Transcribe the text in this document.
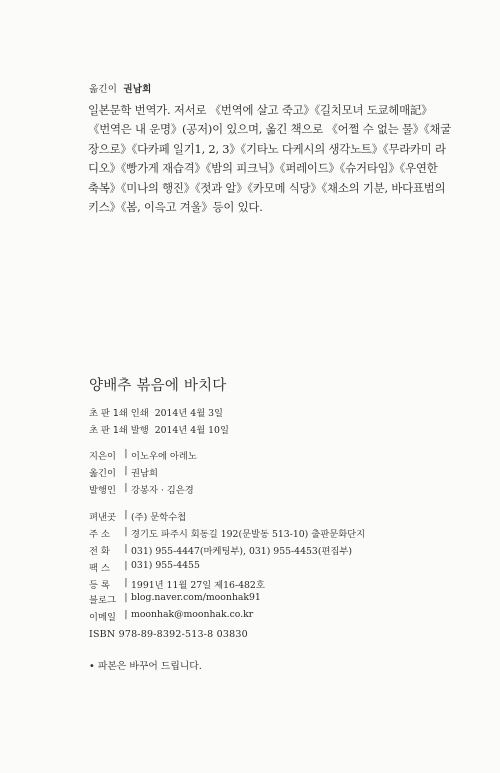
옮긴이 권남희
일본문학 번역가. 저서로 《번역에 살고 죽고》《길치모녀 도쿄헤매記》
《번역은 내 운명》(공저)이 있으며, 옮긴 책으로 《어쩔 수 없는 물》《채굴
장으로》《다카페 일기1, 2, 3》《기타노 다케시의 생각노트》《무라카미 라
디오》《빵가게 재습격》《밤의 피크닉》《퍼레이드》《슈거타임》《우연한
축복》《미나의 행진》《젓과 알》《카모메 식당》《채소의 기분, 바다표범의
키스》《봄, 이윽고 겨울》등이 있다.
양배추 볶음에 바치다
초 판 1쇄 인쇄 2014년 4월 3일
초 판 1쇄 발행 2014년 4월 10일
지은이 | 이노우에 아레노
옮긴이 | 권남희
발행인 | 강봉자 · 김은경
펴낸곳 | (주) 문학수첩
주 소	| 경기도 파주시 회동길 192(문발동 513-10) 출판문화단지
전 화	| 031) 955-4447(마케팅부), 031) 955-4453(편집부)
팩 스	| 031) 955-4455
등 록	| 1991년 11월 27일 제16-482호
블로그 | blog.naver.com/moonhak91
이메일 | moonhak@moonhak.co.kr
ISBN 978-89-8392-513-8 03830
• 파본은 바꾸어 드립니다.
